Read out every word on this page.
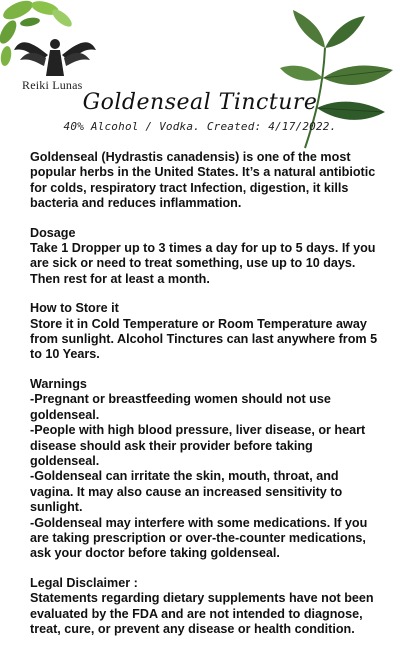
Reiki Lunas
Goldenseal Tincture
40% Alcohol / Vodka. Created: 4/17/2022.

Goldenseal (Hydrastis canadensis) is one of the most popular herbs in the United States. It’s a natural antibiotic for colds, respiratory tract Infection, digestion, it kills bacteria and reduces inflammation.

Dosage

Take 1 Dropper up to 3 times a day for up to 5 days. If you are sick or need to treat something, use up to 10 days. Then rest for at least a month.

How to Store it

Store it in Cold Temperature or Room Temperature away from sunlight. Alcohol Tinctures can last anywhere from 5 to 10 Years.

Warnings
-Pregnant or breastfeeding women should not use goldenseal.
-People with high blood pressure, liver disease, or heart disease should ask their provider before taking goldenseal.
-Goldenseal can irritate the skin, mouth, throat, and vagina. It may also cause an increased sensitivity to sunlight.
-Goldenseal may interfere with some medications. If you are taking prescription or over-the-counter medications, ask your doctor before taking goldenseal.
Legal Disclaimer :

Statements regarding dietary supplements have not been evaluated by the FDA and are not intended to diagnose, treat, cure, or prevent any disease or health condition.
